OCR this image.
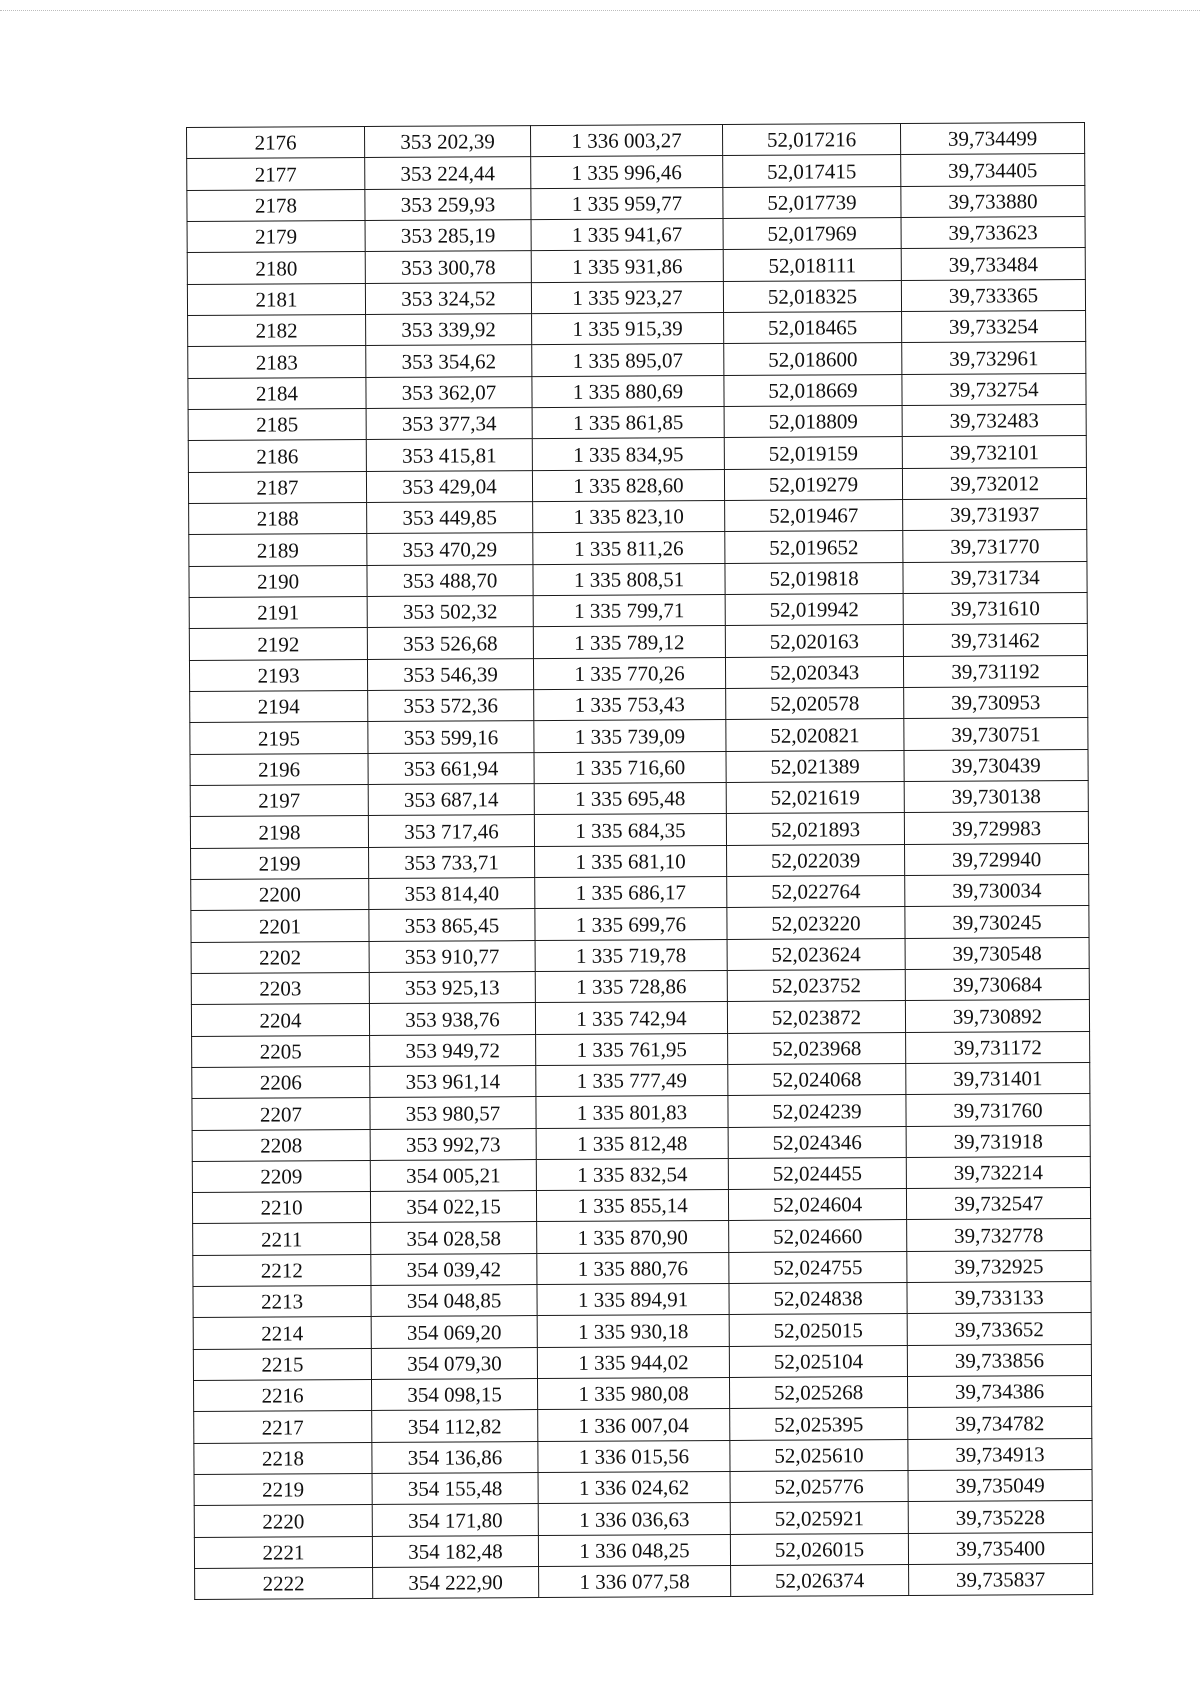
2176	353 202,39	1 336 003,27	52,017216	39,734499
2177	353 224,44	1 335 996,46	52,017415	39,734405
2178	353 259,93	1 335 959,77	52,017739	39,733880
2179	353 285,19	1 335 941,67	52,017969	39,733623
2180	353 300,78	1 335 931,86	52,018111	39,733484
2181	353 324,52	1 335 923,27	52,018325	39,733365
2182	353 339,92	1 335 915,39	52,018465	39,733254
2183	353 354,62	1 335 895,07	52,018600	39,732961
2184	353 362,07	1 335 880,69	52,018669	39,732754
2185	353 377,34	1 335 861,85	52,018809	39,732483
2186	353 415,81	1 335 834,95	52,019159	39,732101
2187	353 429,04	1 335 828,60	52,019279	39,732012
2188	353 449,85	1 335 823,10	52,019467	39,731937
2189	353 470,29	1 335 811,26	52,019652	39,731770
2190	353 488,70	1 335 808,51	52,019818	39,731734
2191	353 502,32	1 335 799,71	52,019942	39,731610
2192	353 526,68	1 335 789,12	52,020163	39,731462
2193	353 546,39	1 335 770,26	52,020343	39,731192
2194	353 572,36	1 335 753,43	52,020578	39,730953
2195	353 599,16	1 335 739,09	52,020821	39,730751
2196	353 661,94	1 335 716,60	52,021389	39,730439
2197	353 687,14	1 335 695,48	52,021619	39,730138
2198	353 717,46	1 335 684,35	52,021893	39,729983
2199	353 733,71	1 335 681,10	52,022039	39,729940
2200	353 814,40	1 335 686,17	52,022764	39,730034
2201	353 865,45	1 335 699,76	52,023220	39,730245
2202	353 910,77	1 335 719,78	52,023624	39,730548
2203	353 925,13	1 335 728,86	52,023752	39,730684
2204	353 938,76	1 335 742,94	52,023872	39,730892
2205	353 949,72	1 335 761,95	52,023968	39,731172
2206	353 961,14	1 335 777,49	52,024068	39,731401
2207	353 980,57	1 335 801,83	52,024239	39,731760
2208	353 992,73	1 335 812,48	52,024346	39,731918
2209	354 005,21	1 335 832,54	52,024455	39,732214
2210	354 022,15	1 335 855,14	52,024604	39,732547
2211	354 028,58	1 335 870,90	52,024660	39,732778
2212	354 039,42	1 335 880,76	52,024755	39,732925
2213	354 048,85	1 335 894,91	52,024838	39,733133
2214	354 069,20	1 335 930,18	52,025015	39,733652
2215	354 079,30	1 335 944,02	52,025104	39,733856
2216	354 098,15	1 335 980,08	52,025268	39,734386
2217	354 112,82	1 336 007,04	52,025395	39,734782
2218	354 136,86	1 336 015,56	52,025610	39,734913
2219	354 155,48	1 336 024,62	52,025776	39,735049
2220	354 171,80	1 336 036,63	52,025921	39,735228
2221	354 182,48	1 336 048,25	52,026015	39,735400
2222	354 222,90	1 336 077,58	52,026374	39,735837
